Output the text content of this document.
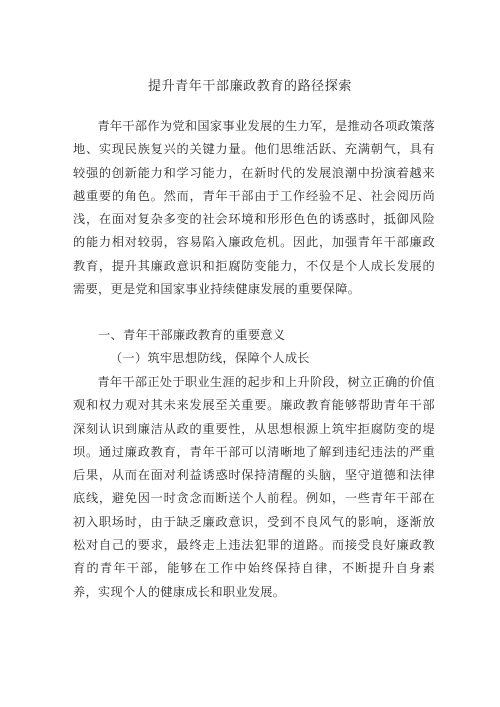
提升青年干部廉政教育的路径探索

青年干部作为党和国家事业发展的生力军，是推动各项政策落地、实现民族复兴的关键力量。他们思维活跃、充满朝气，具有较强的创新能力和学习能力，在新时代的发展浪潮中扮演着越来越重要的角色。然而，青年干部由于工作经验不足、社会阅历尚浅，在面对复杂多变的社会环境和形形色色的诱惑时，抵御风险的能力相对较弱，容易陷入廉政危机。因此，加强青年干部廉政教育，提升其廉政意识和拒腐防变能力，不仅是个人成长发展的需要，更是党和国家事业持续健康发展的重要保障。

一、青年干部廉政教育的重要意义
（一）筑牢思想防线，保障个人成长

青年干部正处于职业生涯的起步和上升阶段，树立正确的价值观和权力观对其未来发展至关重要。廉政教育能够帮助青年干部深刻认识到廉洁从政的重要性，从思想根源上筑牢拒腐防变的堤坝。通过廉政教育，青年干部可以清晰地了解到违纪违法的严重后果，从而在面对利益诱惑时保持清醒的头脑，坚守道德和法律底线，避免因一时贪念而断送个人前程。例如，一些青年干部在初入职场时，由于缺乏廉政意识，受到不良风气的影响，逐渐放松对自己的要求，最终走上违法犯罪的道路。而接受良好廉政教育的青年干部，能够在工作中始终保持自律，不断提升自身素养，实现个人的健康成长和职业发展。
